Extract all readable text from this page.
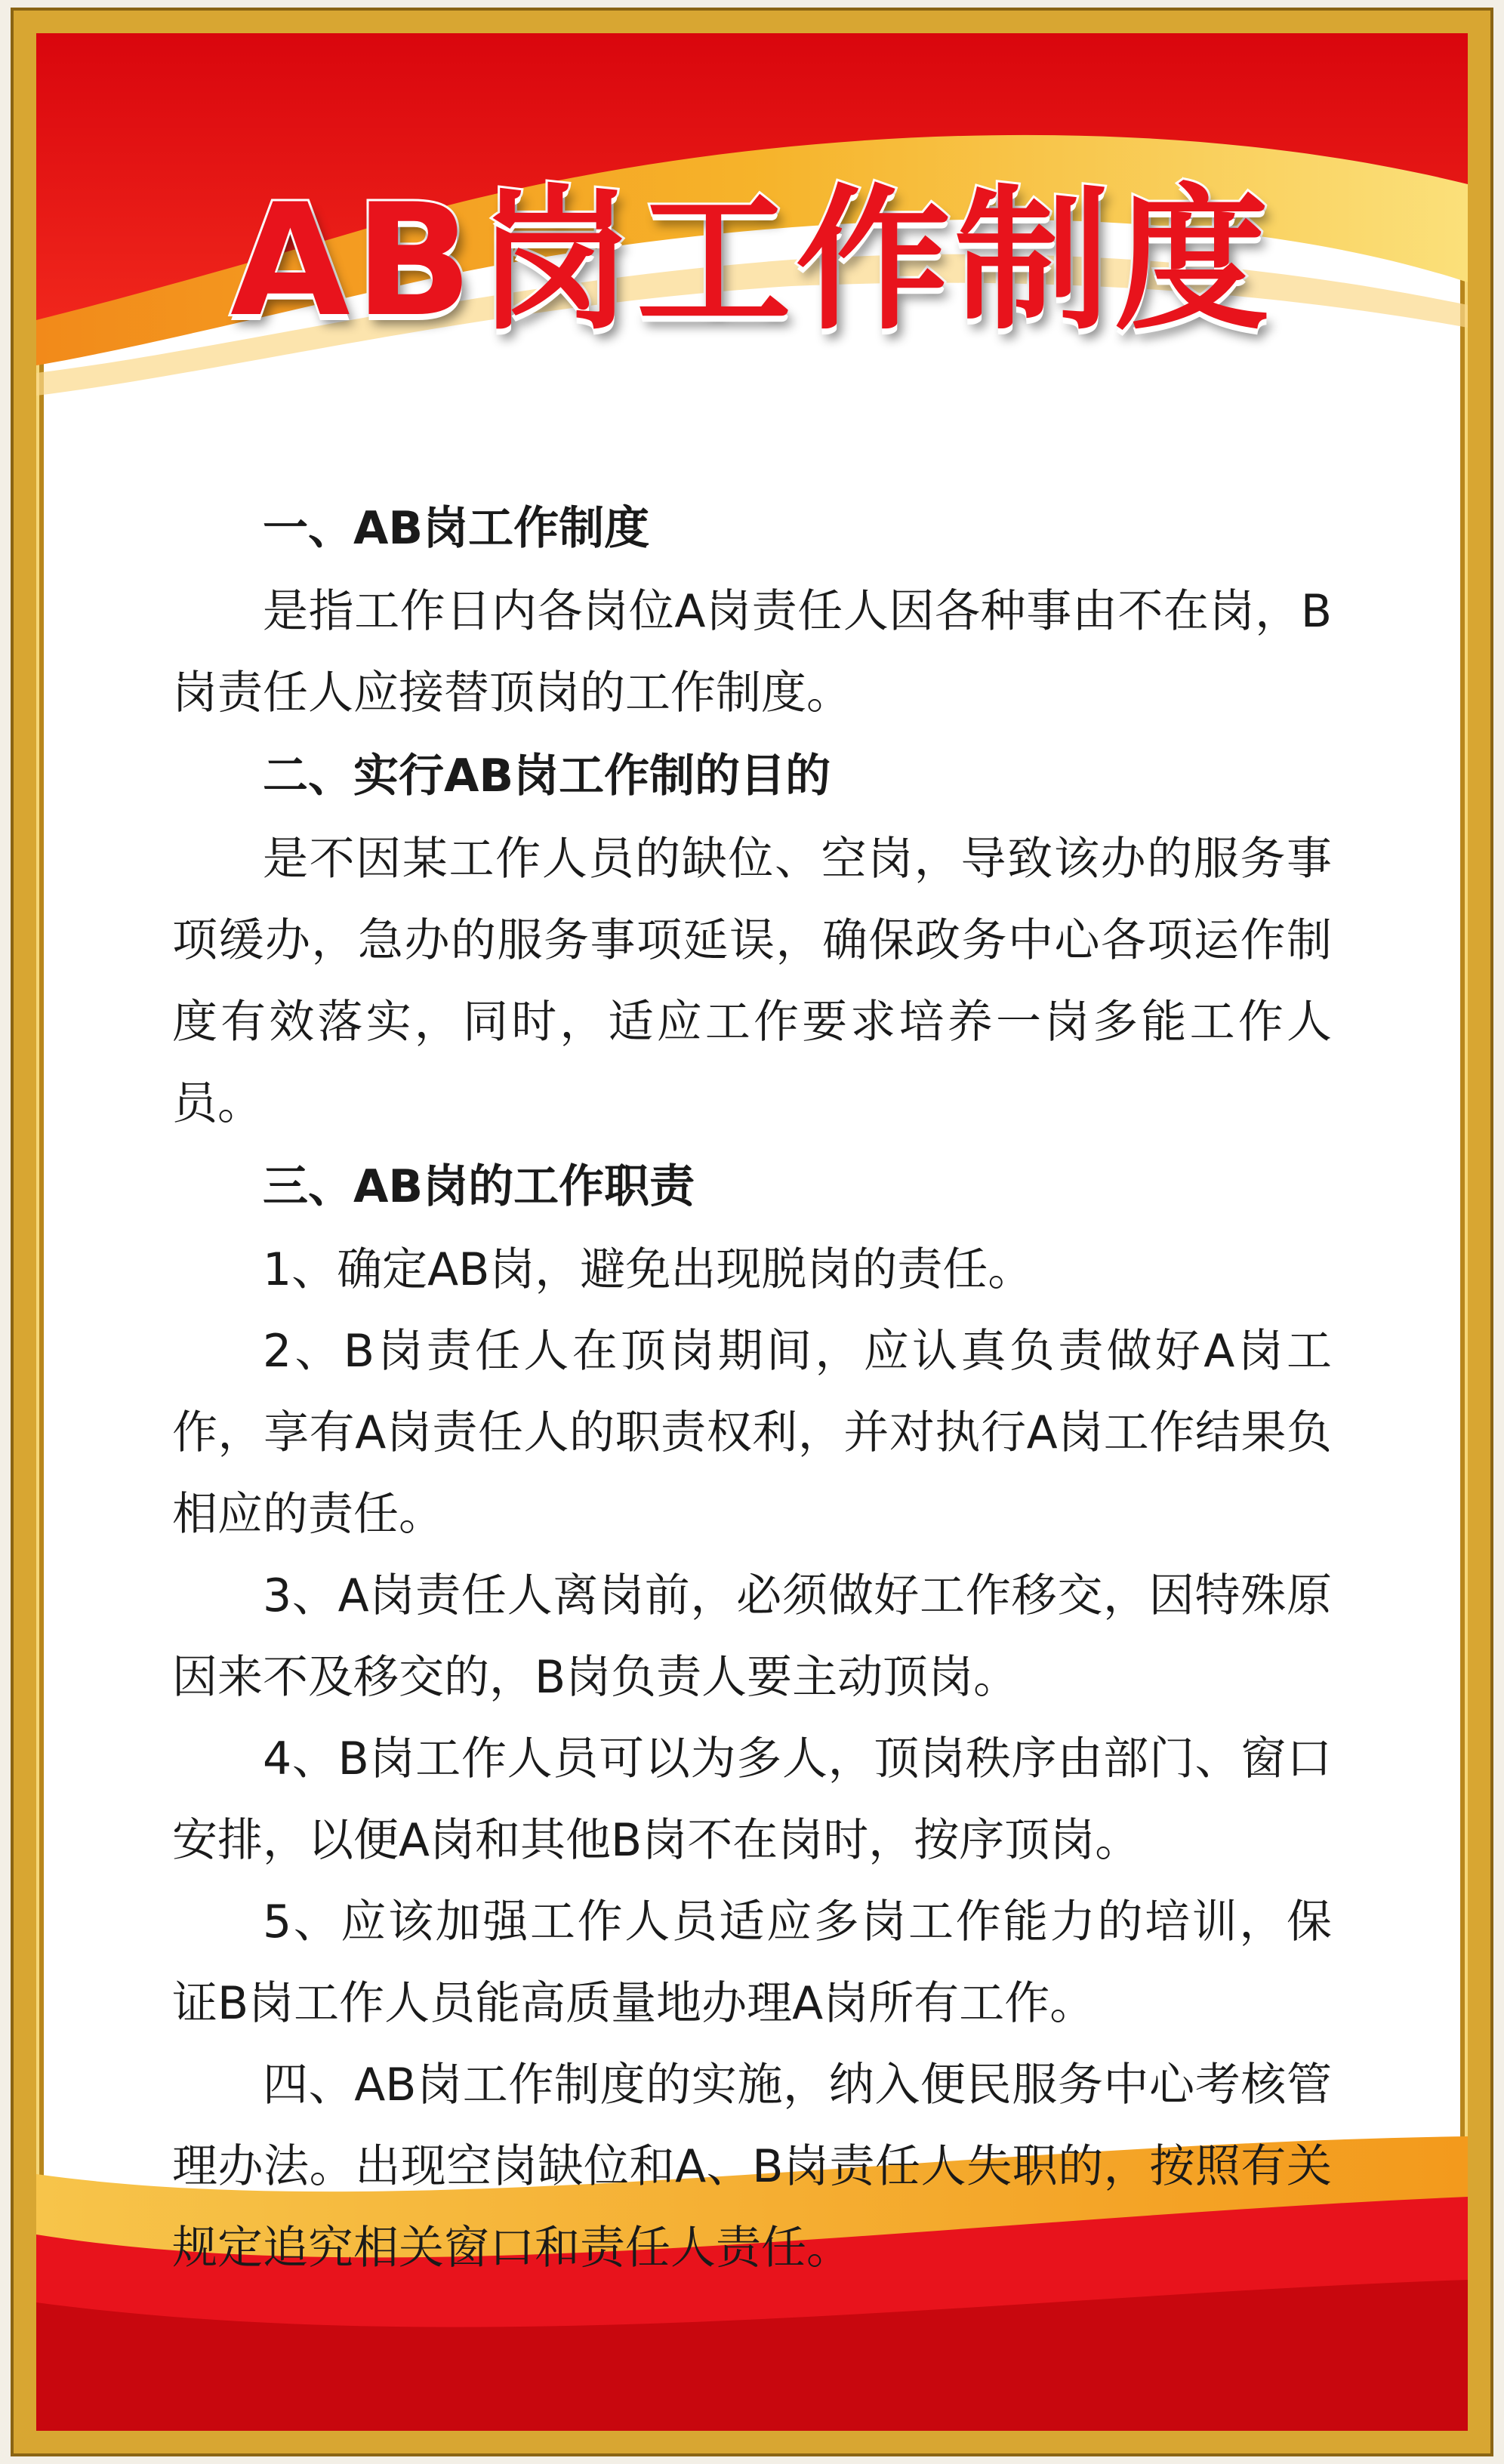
AB岗工作制度
一、AB岗工作制度

是指工作日内各岗位A岗责任人因各种事由不在岗，B岗责任人应接替顶岗的工作制度。

二、实行AB岗工作制的目的

是不因某工作人员的缺位、空岗，导致该办的服务事项缓办，急办的服务事项延误，确保政务中心各项运作制度有效落实，同时，适应工作要求培养一岗多能工作人员。

三、AB岗的工作职责

1、确定AB岗，避免出现脱岗的责任。

2、B岗责任人在顶岗期间，应认真负责做好A岗工作，享有A岗责任人的职责权利，并对执行A岗工作结果负相应的责任。

3、A岗责任人离岗前，必须做好工作移交，因特殊原因来不及移交的，B岗负责人要主动顶岗。

4、B岗工作人员可以为多人，顶岗秩序由部门、窗口安排，以便A岗和其他B岗不在岗时，按序顶岗。

5、应该加强工作人员适应多岗工作能力的培训，保证B岗工作人员能高质量地办理A岗所有工作。

四、AB岗工作制度的实施，纳入便民服务中心考核管理办法。出现空岗缺位和A、B岗责任人失职的，按照有关规定追究相关窗口和责任人责任。
